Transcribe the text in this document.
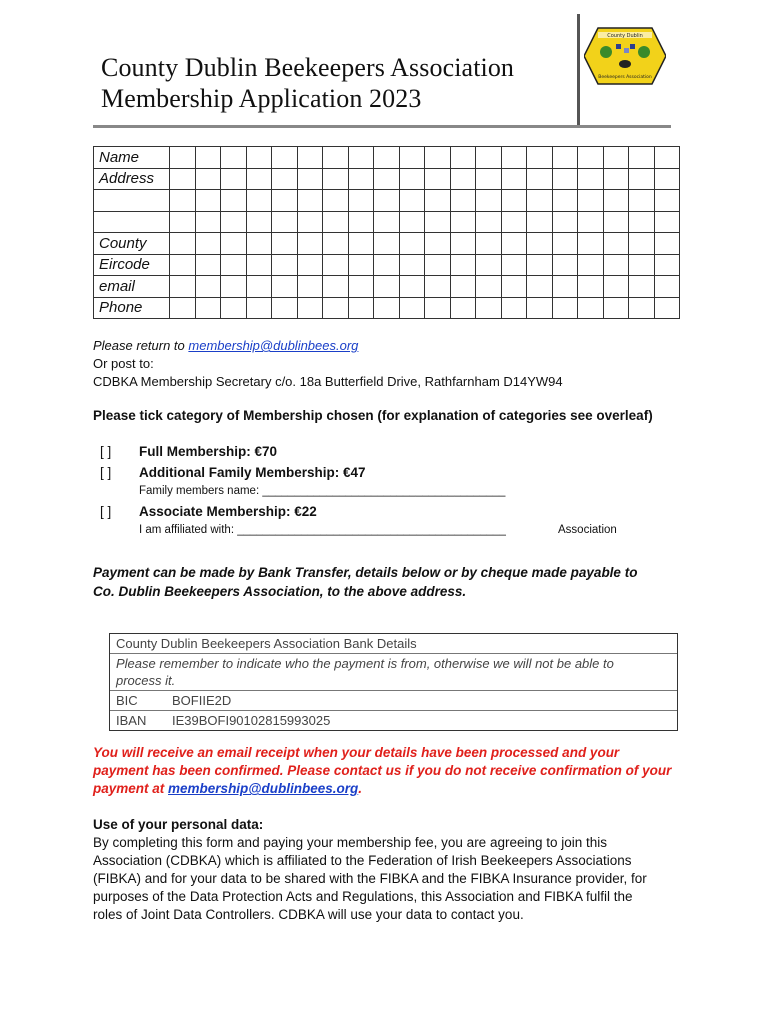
County Dublin Beekeepers Association
Membership Application 2023
County Dublin
Beekeepers Association
Name																				
Address																				

County																				
Eircode																				
email																				
Phone																				
Please return to membership@dublinbees.org
Or post to:
CDBKA Membership Secretary c/o. 18a Butterfield Drive, Rathfarnham D14YW94
Please tick category of Membership chosen (for explanation of categories see overleaf)
[ ] Full Membership: €70
[ ] Additional Family Membership: €47
Family members name: ______________________________________
[ ] Associate Membership: €22
I am affiliated with: __________________________________________	Association
Payment can be made by Bank Transfer, details below or by cheque made payable to
Co. Dublin Beekeepers Association, to the above address.
County Dublin Beekeepers Association Bank Details
Please remember to indicate who the payment is from, otherwise we will not be able to
process it.
BIC	BOFIIE2D
IBAN IE39BOFI90102815993025
You will receive an email receipt when your details have been processed and your
payment has been confirmed. Please contact us if you do not receive confirmation of your
payment at membership@dublinbees.org.
Use of your personal data:
By completing this form and paying your membership fee, you are agreeing to join this
Association (CDBKA) which is affiliated to the Federation of Irish Beekeepers Associations
(FIBKA) and for your data to be shared with the FIBKA and the FIBKA Insurance provider, for
purposes of the Data Protection Acts and Regulations, this Association and FIBKA fulfil the
roles of Joint Data Controllers. CDBKA will use your data to contact you.
